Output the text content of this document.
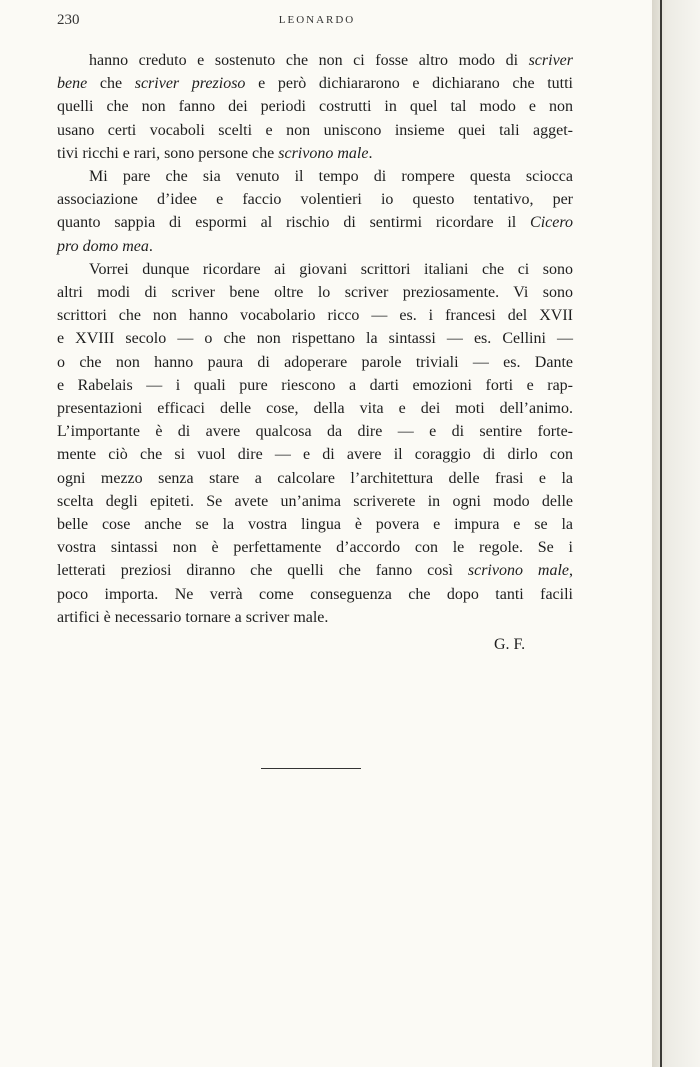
230	LEONARDO
hanno creduto e sostenuto che non ci fosse altro modo di scriver
bene che scriver prezioso e però dichiararono e dichiarano che tutti
quelli che non fanno dei periodi costrutti in quel tal modo e non
usano certi vocaboli scelti e non uniscono insieme quei tali agget-
tivi ricchi e rari, sono persone che scrivono male.
Mi pare che sia venuto il tempo di rompere questa sciocca
associazione d’idee e faccio volentieri io questo tentativo, per
quanto sappia di espormi al rischio di sentirmi ricordare il Cicero
pro domo mea.
Vorrei dunque ricordare ai giovani scrittori italiani che ci sono
altri modi di scriver bene oltre lo scriver preziosamente. Vi sono
scrittori che non hanno vocabolario ricco — es. i francesi del XVII
e XVIII secolo — o che non rispettano la sintassi — es. Cellini —
o che non hanno paura di adoperare parole triviali — es. Dante
e Rabelais — i quali pure riescono a darti emozioni forti e rap-
presentazioni efficaci delle cose, della vita e dei moti dell’animo.
L’importante è di avere qualcosa da dire — e di sentire forte-
mente ciò che si vuol dire — e di avere il coraggio di dirlo con
ogni mezzo senza stare a calcolare l’architettura delle frasi e la
scelta degli epiteti. Se avete un’anima scriverete in ogni modo delle
belle cose anche se la vostra lingua è povera e impura e se la
vostra sintassi non è perfettamente d’accordo con le regole. Se i
letterati preziosi diranno che quelli che fanno così scrivono male,
poco importa. Ne verrà come conseguenza che dopo tanti facili
artifici è necessario tornare a scriver male.
G. F.
